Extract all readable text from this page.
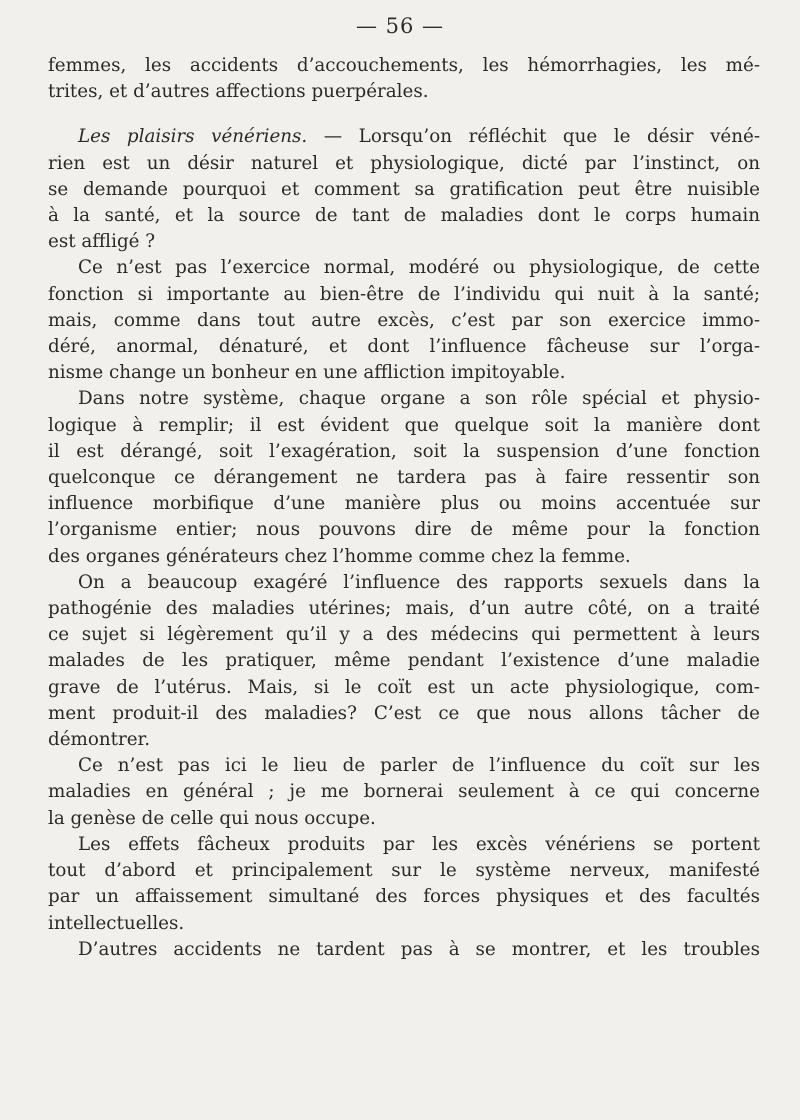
— 56 —

femmes, les accidents d’accouchements, les hémorrhagies, les mé-
trites, et d’autres affections puerpérales.

Les plaisirs vénériens. — Lorsqu’on réfléchit que le désir véné-
rien est un désir naturel et physiologique, dicté par l’instinct, on
se demande pourquoi et comment sa gratification peut être nuisible
à la santé, et la source de tant de maladies dont le corps humain
est affligé ?

Ce n’est pas l’exercice normal, modéré ou physiologique, de cette
fonction si importante au bien-être de l’individu qui nuit à la santé;
mais, comme dans tout autre excès, c’est par son exercice immo-
déré, anormal, dénaturé, et dont l’influence fâcheuse sur l’orga-
nisme change un bonheur en une affliction impitoyable.

Dans notre système, chaque organe a son rôle spécial et physio-
logique à remplir; il est évident que quelque soit la manière dont
il est dérangé, soit l’exagération, soit la suspension d’une fonction
quelconque ce dérangement ne tardera pas à faire ressentir son
influence morbifique d’une manière plus ou moins accentuée sur
l’organisme entier; nous pouvons dire de même pour la fonction
des organes générateurs chez l’homme comme chez la femme.

On a beaucoup exagéré l’influence des rapports sexuels dans la
pathogénie des maladies utérines; mais, d’un autre côté, on a traité
ce sujet si légèrement qu’il y a des médecins qui permettent à leurs
malades de les pratiquer, même pendant l’existence d’une maladie
grave de l’utérus. Mais, si le coït est un acte physiologique, com-
ment produit-il des maladies? C’est ce que nous allons tâcher de
démontrer.

Ce n’est pas ici le lieu de parler de l’influence du coït sur les
maladies en général ; je me bornerai seulement à ce qui concerne
la genèse de celle qui nous occupe.

Les effets fâcheux produits par les excès vénériens se portent
tout d’abord et principalement sur le système nerveux, manifesté
par un affaissement simultané des forces physiques et des facultés
intellectuelles.

D’autres accidents ne tardent pas à se montrer, et les troubles
